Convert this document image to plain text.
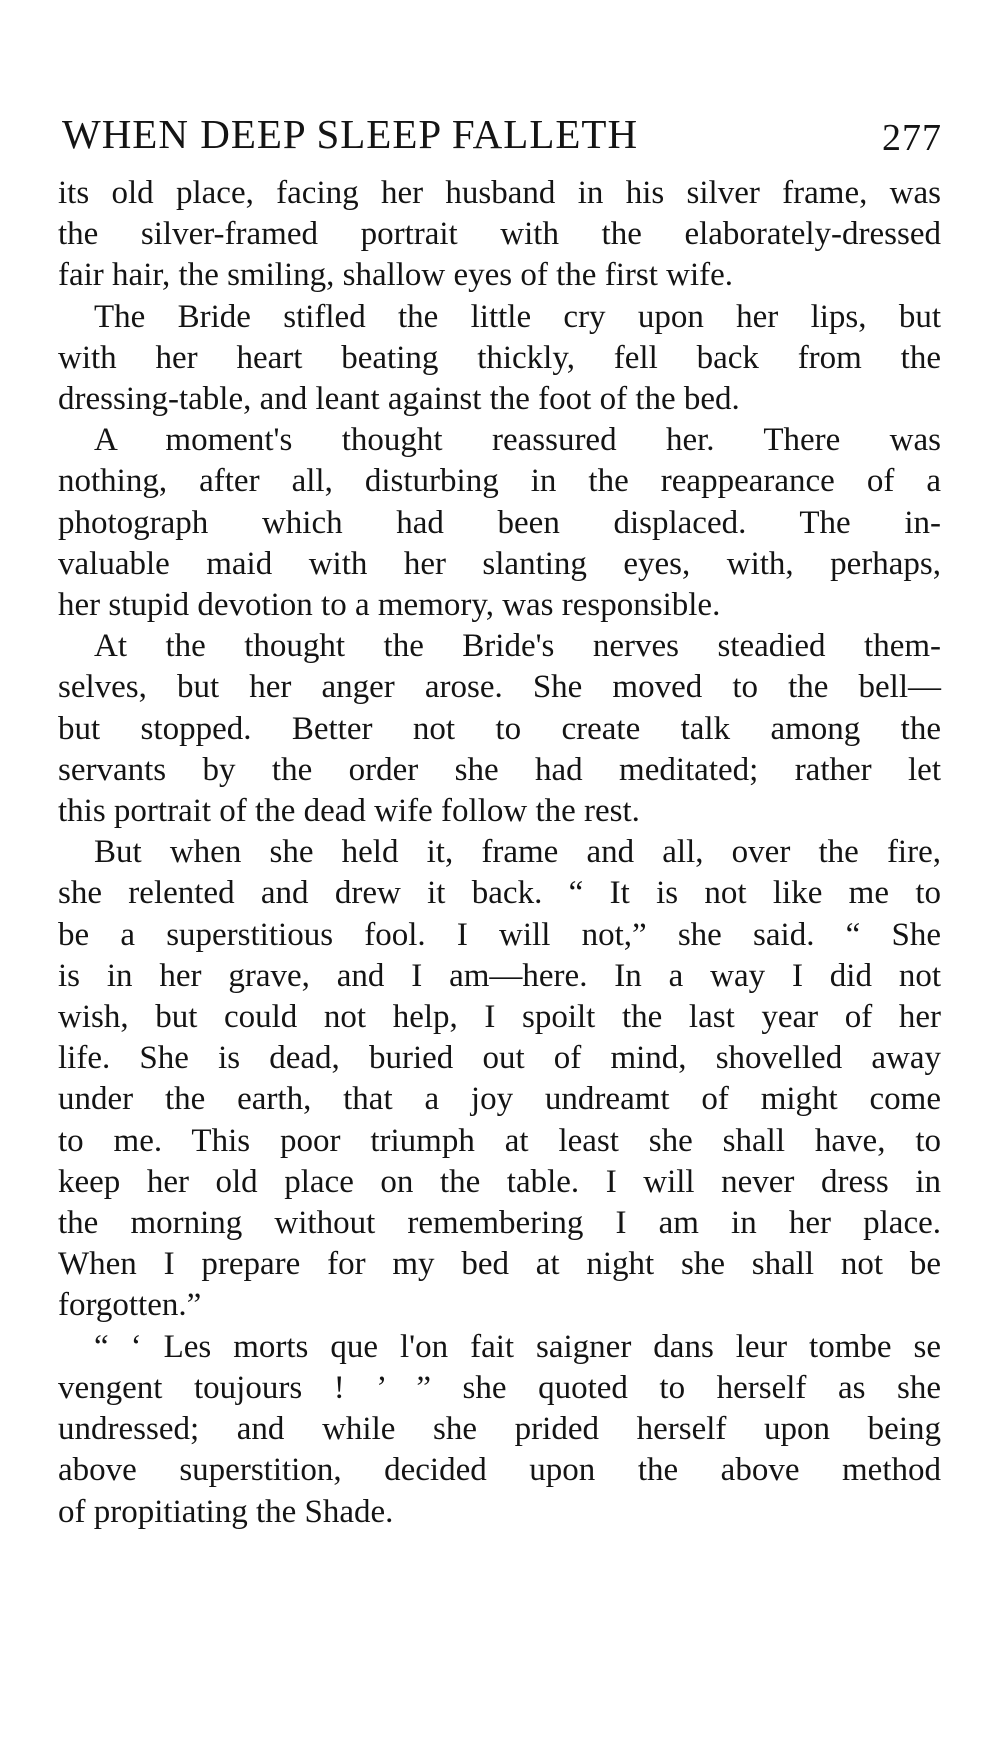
WHEN DEEP SLEEP FALLETH	277

its old place, facing her husband in his silver frame, was
the silver-framed portrait with the elaborately-dressed
fair hair, the smiling, shallow eyes of the first wife.

The Bride stifled the little cry upon her lips, but
with her heart beating thickly, fell back from the
dressing-table, and leant against the foot of the bed.

A moment's thought reassured her. There was
nothing, after all, disturbing in the reappearance of a
photograph which had been displaced. The in-
valuable maid with her slanting eyes, with, perhaps,
her stupid devotion to a memory, was responsible.

At the thought the Bride's nerves steadied them-
selves, but her anger arose. She moved to the bell—
but stopped. Better not to create talk among the
servants by the order she had meditated; rather let
this portrait of the dead wife follow the rest.

But when she held it, frame and all, over the fire,
she relented and drew it back. “ It is not like me to
be a superstitious fool. I will not,” she said. “ She
is in her grave, and I am—here. In a way I did not
wish, but could not help, I spoilt the last year of her
life. She is dead, buried out of mind, shovelled away
under the earth, that a joy undreamt of might come
to me. This poor triumph at least she shall have, to
keep her old place on the table. I will never dress in
the morning without remembering I am in her place.
When I prepare for my bed at night she shall not be
forgotten.”

“ ‘ Les morts que l'on fait saigner dans leur tombe se
vengent toujours ! ’ ” she quoted to herself as she
undressed; and while she prided herself upon being
above superstition, decided upon the above method
of propitiating the Shade.
